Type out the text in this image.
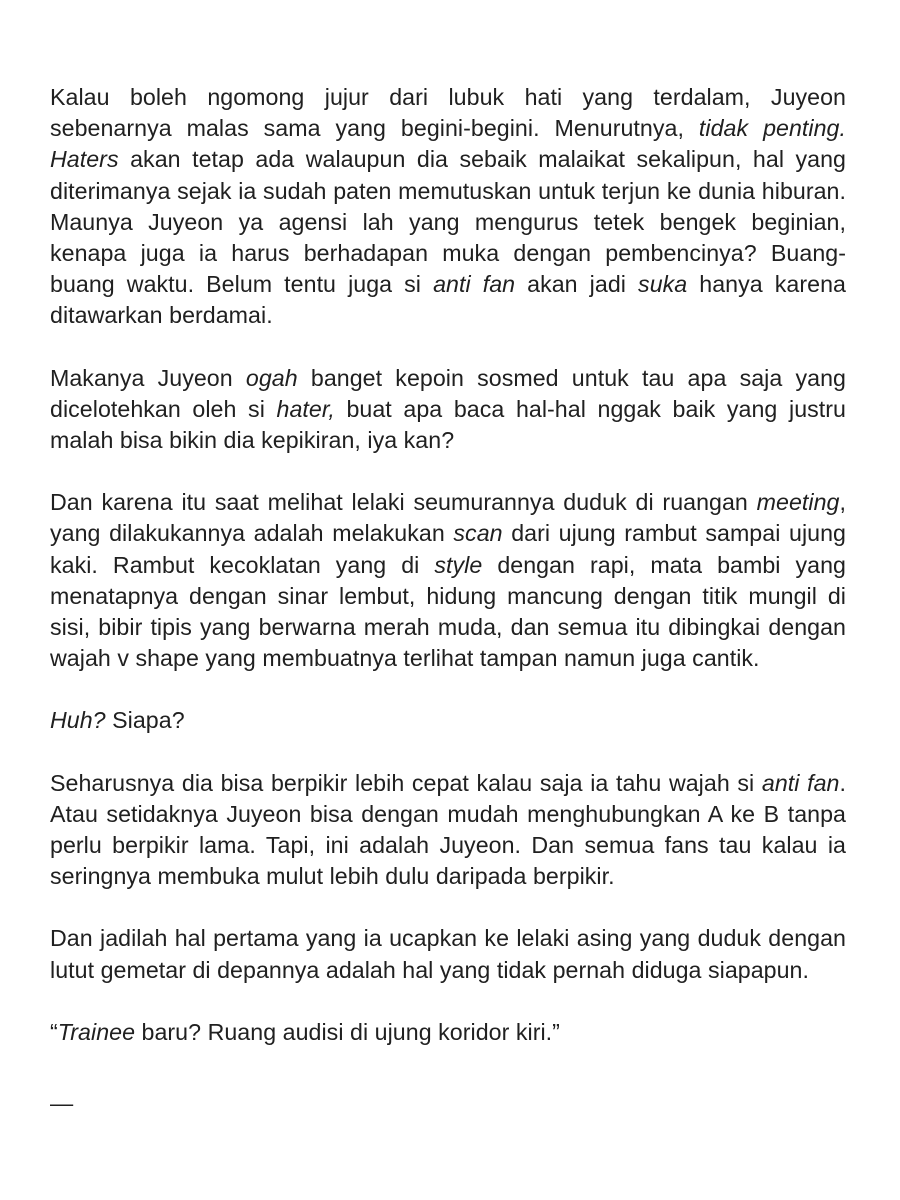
Kalau boleh ngomong jujur dari lubuk hati yang terdalam, Juyeon sebenarnya malas sama yang begini-begini. Menurutnya, tidak penting. Haters akan tetap ada walaupun dia sebaik malaikat sekalipun, hal yang diterimanya sejak ia sudah paten memutuskan untuk terjun ke dunia hiburan. Maunya Juyeon ya agensi lah yang mengurus tetek bengek beginian, kenapa juga ia harus berhadapan muka dengan pembencinya? Buang-buang waktu. Belum tentu juga si anti fan akan jadi suka hanya karena ditawarkan berdamai.

Makanya Juyeon ogah banget kepoin sosmed untuk tau apa saja yang dicelotehkan oleh si hater, buat apa baca hal-hal nggak baik yang justru malah bisa bikin dia kepikiran, iya kan?

Dan karena itu saat melihat lelaki seumurannya duduk di ruangan meeting, yang dilakukannya adalah melakukan scan dari ujung rambut sampai ujung kaki. Rambut kecoklatan yang di style dengan rapi, mata bambi yang menatapnya dengan sinar lembut, hidung mancung dengan titik mungil di sisi, bibir tipis yang berwarna merah muda, dan semua itu dibingkai dengan wajah v shape yang membuatnya terlihat tampan namun juga cantik.

Huh? Siapa?

Seharusnya dia bisa berpikir lebih cepat kalau saja ia tahu wajah si anti fan. Atau setidaknya Juyeon bisa dengan mudah menghubungkan A ke B tanpa perlu berpikir lama. Tapi, ini adalah Juyeon. Dan semua fans tau kalau ia seringnya membuka mulut lebih dulu daripada berpikir.

Dan jadilah hal pertama yang ia ucapkan ke lelaki asing yang duduk dengan lutut gemetar di depannya adalah hal yang tidak pernah diduga siapapun.

“Trainee baru? Ruang audisi di ujung koridor kiri.”

—
